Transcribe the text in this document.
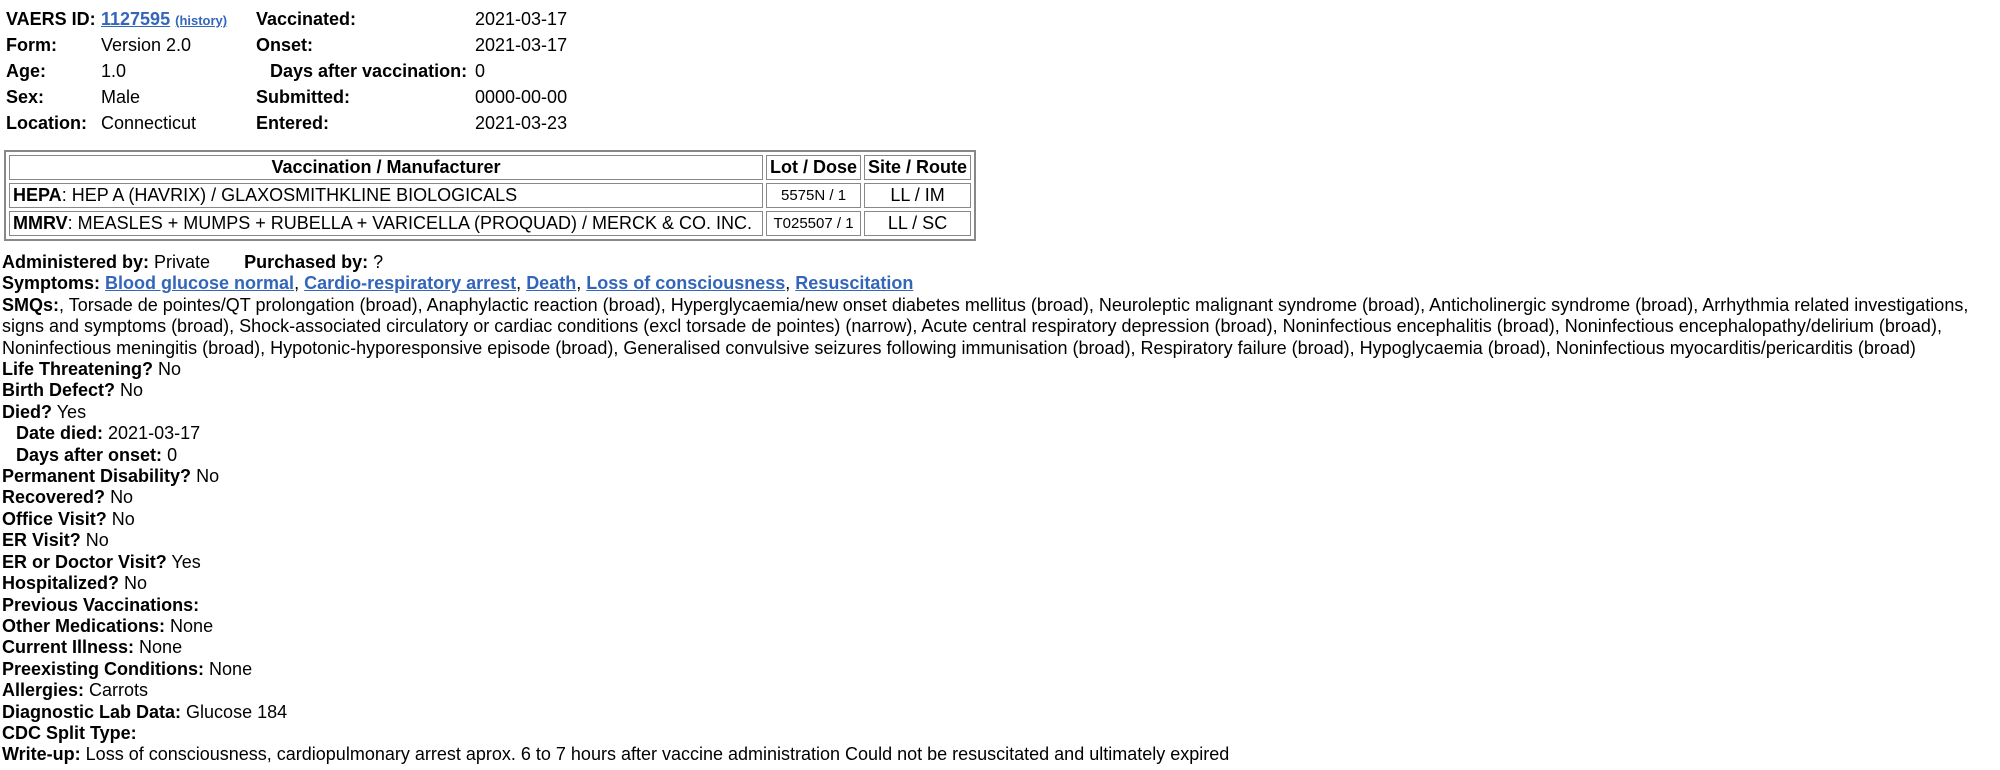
VAERS ID:	1127595 (history)	Vaccinated:	2021-03-17
Form:	Version 2.0	Onset:	2021-03-17
Age:	1.0	Days after vaccination:	0
Sex:	Male	Submitted:	0000-00-00
Location:	Connecticut	Entered:	2021-03-23
Vaccination / Manufacturer	Lot / Dose	Site / Route
HEPA: HEP A (HAVRIX) / GLAXOSMITHKLINE BIOLOGICALS	5575N / 1	LL / IM
MMRV: MEASLES + MUMPS + RUBELLA + VARICELLA (PROQUAD) / MERCK & CO. INC.	T025507 / 1	LL / SC
Administered by: Private Purchased by: ?
Symptoms: Blood glucose normal, Cardio-respiratory arrest, Death, Loss of consciousness, Resuscitation
SMQs:, Torsade de pointes/QT prolongation (broad), Anaphylactic reaction (broad), Hyperglycaemia/new onset diabetes mellitus (broad), Neuroleptic malignant syndrome (broad), Anticholinergic syndrome (broad), Arrhythmia related investigations, signs and symptoms (broad), Shock-associated circulatory or cardiac conditions (excl torsade de pointes) (narrow), Acute central respiratory depression (broad), Noninfectious encephalitis (broad), Noninfectious encephalopathy/delirium (broad), Noninfectious meningitis (broad), Hypotonic-hyporesponsive episode (broad), Generalised convulsive seizures following immunisation (broad), Respiratory failure (broad), Hypoglycaemia (broad), Noninfectious myocarditis/pericarditis (broad)
Life Threatening? No
Birth Defect? No
Died? Yes
Date died: 2021-03-17
Days after onset: 0
Permanent Disability? No
Recovered? No
Office Visit? No
ER Visit? No
ER or Doctor Visit? Yes
Hospitalized? No
Previous Vaccinations:
Other Medications: None
Current Illness: None
Preexisting Conditions: None
Allergies: Carrots
Diagnostic Lab Data: Glucose 184
CDC Split Type:
Write-up: Loss of consciousness, cardiopulmonary arrest aprox. 6 to 7 hours after vaccine administration Could not be resuscitated and ultimately expired
